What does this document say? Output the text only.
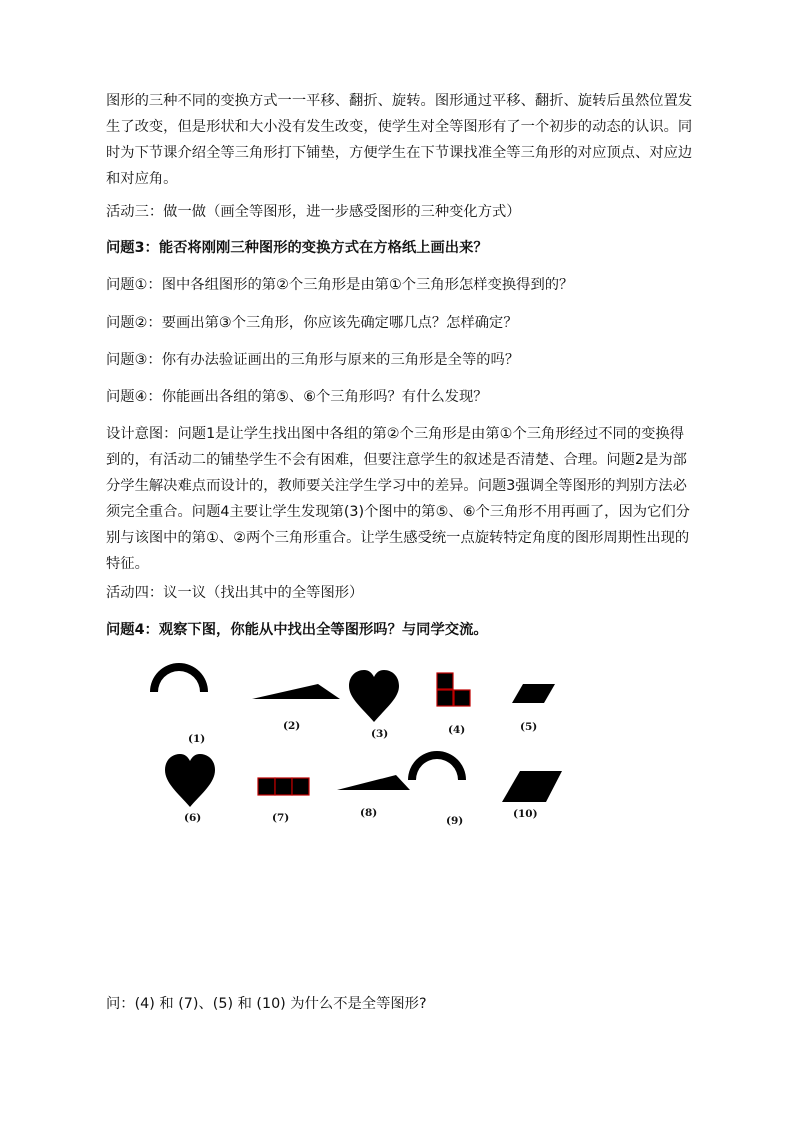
图形的三种不同的变换方式一一平移、翻折、旋转。图形通过平移、翻折、旋转后虽然位置发生了改变，但是形状和大小没有发生改变，使学生对全等图形有了一个初步的动态的认识。同时为下节课介绍全等三角形打下铺垫，方便学生在下节课找准全等三角形的对应顶点、对应边和对应角。

活动三：做一做（画全等图形，进一步感受图形的三种变化方式）

问题3：能否将刚刚三种图形的变换方式在方格纸上画出来？

问题①：图中各组图形的第②个三角形是由第①个三角形怎样变换得到的？

问题②：要画出第③个三角形，你应该先确定哪几点？怎样确定？

问题③：你有办法验证画出的三角形与原来的三角形是全等的吗？

问题④：你能画出各组的第⑤、⑥个三角形吗？有什么发现？

设计意图：问题1是让学生找出图中各组的第②个三角形是由第①个三角形经过不同的变换得到的，有活动二的铺垫学生不会有困难，但要注意学生的叙述是否清楚、合理。问题2是为部分学生解决难点而设计的，教师要关注学生学习中的差异。问题3强调全等图形的判别方法必须完全重合。问题4主要让学生发现第(3)个图中的第⑤、⑥个三角形不用再画了，因为它们分别与该图中的第①、②两个三角形重合。让学生感受统一点旋转特定角度的图形周期性出现的特征。

活动四：议一议（找出其中的全等图形）

问题4：观察下图，你能从中找出全等图形吗？与同学交流。

(1)
(2)
(3)	(4)	(5)
(6)	(7)	(8)
(9)
(10)

问：(4) 和 (7)、(5) 和 (10) 为什么不是全等图形?
